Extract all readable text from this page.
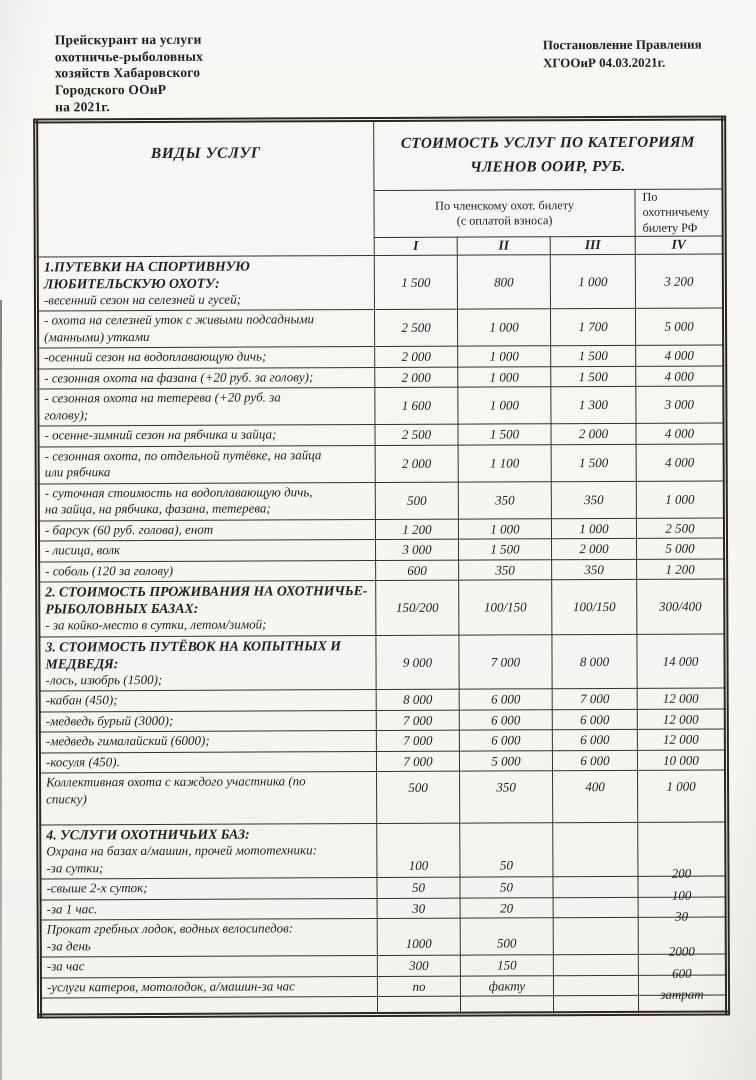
Прейскурант на услуги
охотничье-рыболовных
хозяйств Хабаровского
Городского ООиР
на 2021г.
Постановление Правления
ХГООиР 04.03.2021г.
ВИДЫ УСЛУГ	СТОИМОСТЬ УСЛУГ ПО КАТЕГОРИЯМ
ЧЛЕНОВ ООИР, РУБ.			

По членскому охот. билету
(с оплатой взноса)

По охотничьему
билету РФ

	I	II	III	IV

1.ПУТЕВКИ НА СПОРТИВНУЮ ЛЮБИТЕЛЬСКУЮ ОХОТУ:
-весенний сезон на селезней и гусей;	1 500	800	1 000	3 200

- охота на селезней уток с живыми подсадными
(манными) утками	2 500	1 000	1 700	5 000

-осенний сезон на водоплавающую дичь;	2 000	1 000	1 500	4 000

- сезонная охота на фазана (+20 руб. за голову);	2 000	1 000	1 500	4 000

- сезонная охота на тетерева (+20 руб. за
голову);	1 600	1 000	1 300	3 000

- осенне-зимний сезон на рябчика и зайца;	2 500	1 500	2 000	4 000

- сезонная охота, по отдельной путёвке, на зайца
или рябчика	2 000	1 100	1 500	4 000

- суточная стоимость на водоплавающую дичь,
на зайца, на рябчика, фазана, тетерева;	500	350	350	1 000

- барсук (60 руб. голова), енот	1 200	1 000	1 000	2 500

- лисица, волк	3 000	1 500	2 000	5 000

- соболь (120 за голову)	600	350	350	1 200

2. СТОИМОСТЬ ПРОЖИВАНИЯ НА ОХОТНИЧЬЕ-РЫБОЛОВНЫХ БАЗАХ:
- за койко-место в сутки, летом/зимой;	150/200	100/150	100/150	300/400

3. СТОИМОСТЬ ПУТЁВОК НА КОПЫТНЫХ И МЕДВЕДЯ:
-лось, изюбрь (1500);	9 000	7 000	8 000	14 000

-кабан (450);	8 000	6 000	7 000	12 000

-медведь бурый (3000);	7 000	6 000	6 000	12 000

-медведь гималайский (6000);	7 000	6 000	6 000	12 000

-косуля (450).	7 000	5 000	6 000	10 000

Коллективная охота с каждого участника (по
списку)	500	350	400	1 000

4. УСЛУГИ ОХОТНИЧЬИХ БАЗ:
Охрана на базах а/машин, прочей мототехники:
-за сутки;	100	50		200

-свыше 2-х суток;	50	50		100

-за 1 час.	30	20		30

Прокат гребных лодок, водных велосипедов:
-за день	1000	500		2000

-за час	300	150		600

-услуги катеров, мотолодок, а/машин-за час	по	факту		затрат
